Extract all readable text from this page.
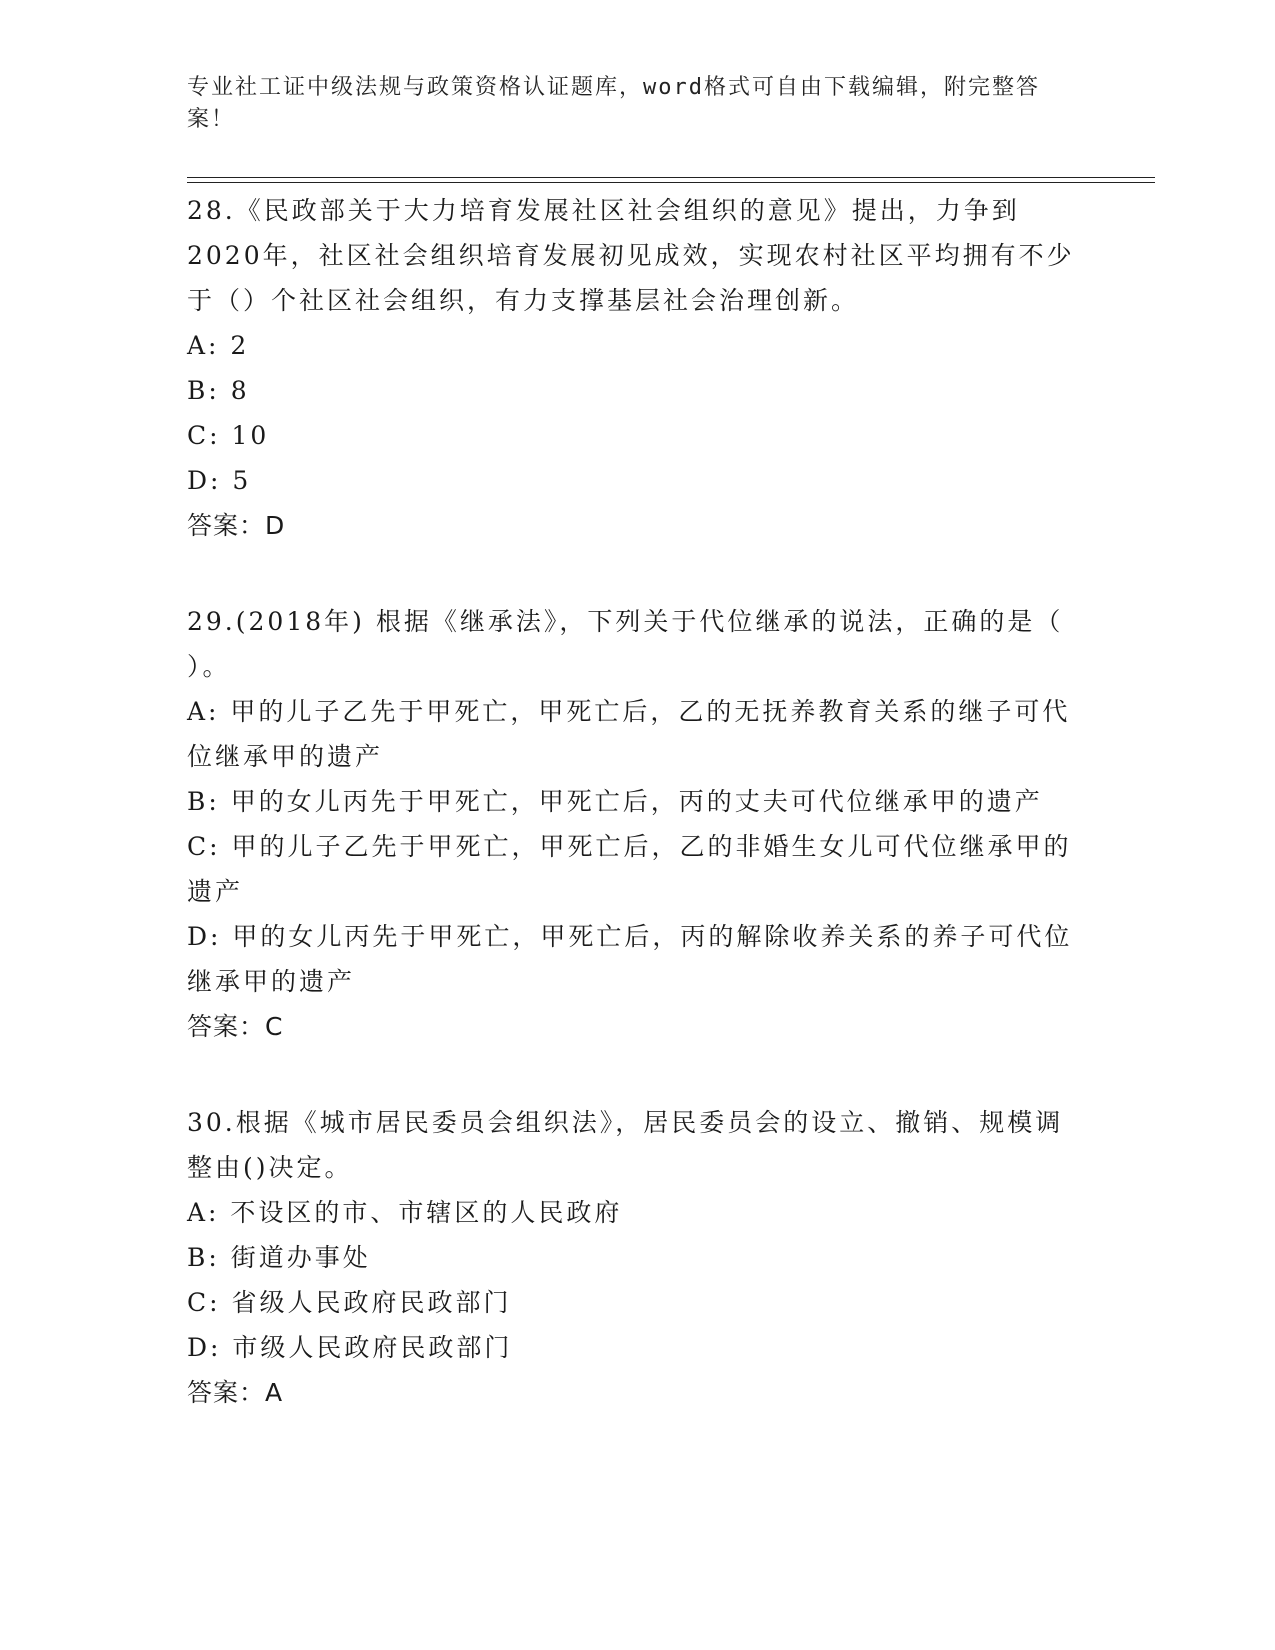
专业社工证中级法规与政策资格认证题库，word格式可自由下载编辑，附完整答案！
28.《民政部关于大力培育发展社区社会组织的意见》提出，力争到2020年，社区社会组织培育发展初见成效，实现农村社区平均拥有不少于（）个社区社会组织，有力支撑基层社会治理创新。
A: 2
B: 8
C: 10
D: 5
答案：D
29.(2018年) 根据《继承法》，下列关于代位继承的说法，正确的是（ ）。
A: 甲的儿子乙先于甲死亡，甲死亡后，乙的无抚养教育关系的继子可代位继承甲的遗产
B: 甲的女儿丙先于甲死亡，甲死亡后，丙的丈夫可代位继承甲的遗产
C: 甲的儿子乙先于甲死亡，甲死亡后，乙的非婚生女儿可代位继承甲的遗产
D: 甲的女儿丙先于甲死亡，甲死亡后，丙的解除收养关系的养子可代位继承甲的遗产
答案：C
30.根据《城市居民委员会组织法》，居民委员会的设立、撤销、规模调整由()决定。
A: 不设区的市、市辖区的人民政府
B: 街道办事处
C: 省级人民政府民政部门
D: 市级人民政府民政部门
答案：A
